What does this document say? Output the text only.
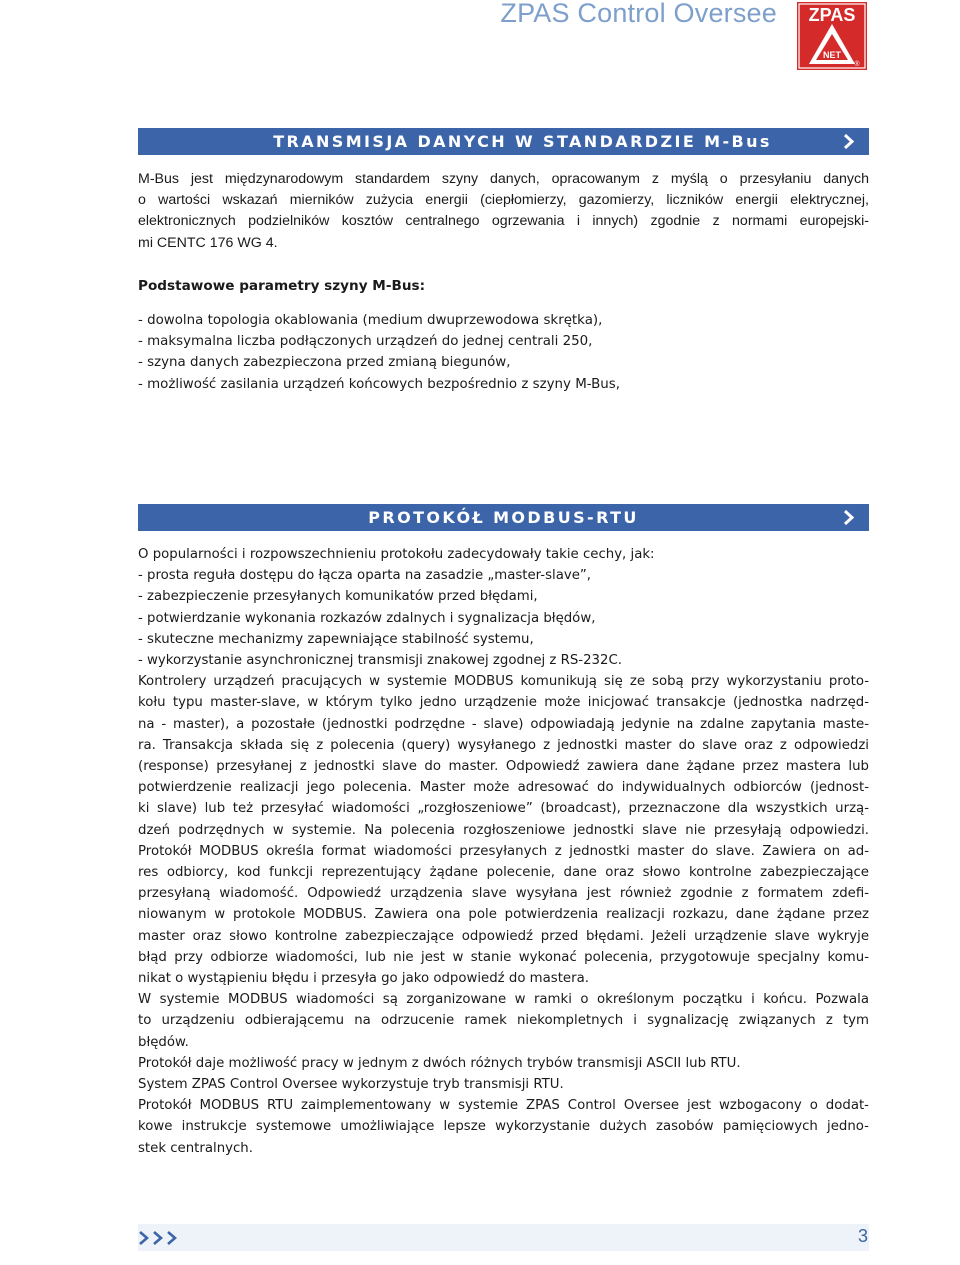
ZPAS Control Oversee ZPAS
NET
®
TRANSMISJA DANYCH W STANDARDZIE M-Bus
M-Bus jest międzynarodowym standardem szyny danych, opracowanym z myślą o przesyłaniu danych
o wartości wskazań mierników zużycia energii (ciepłomierzy, gazomierzy, liczników energii elektrycznej,
elektronicznych podzielników kosztów centralnego ogrzewania i innych) zgodnie z normami europejski-
mi CENTC 176 WG 4.
Podstawowe parametry szyny M-Bus:
- dowolna topologia okablowania (medium dwuprzewodowa skrętka),
- maksymalna liczba podłączonych urządzeń do jednej centrali 250,
- szyna danych zabezpieczona przed zmianą biegunów,
- możliwość zasilania urządzeń końcowych bezpośrednio z szyny M-Bus,
PROTOKÓŁ MODBUS-RTU
O popularności i rozpowszechnieniu protokołu zadecydowały takie cechy, jak:
- prosta reguła dostępu do łącza oparta na zasadzie „master-slave”,
- zabezpieczenie przesyłanych komunikatów przed błędami,
- potwierdzanie wykonania rozkazów zdalnych i sygnalizacja błędów,
- skuteczne mechanizmy zapewniające stabilność systemu,
- wykorzystanie asynchronicznej transmisji znakowej zgodnej z RS-232C.
Kontrolery urządzeń pracujących w systemie MODBUS komunikują się ze sobą przy wykorzystaniu proto-
kołu typu master-slave, w którym tylko jedno urządzenie może inicjować transakcje (jednostka nadrzęd-
na - master), a pozostałe (jednostki podrzędne - slave) odpowiadają jedynie na zdalne zapytania maste-
ra. Transakcja składa się z polecenia (query) wysyłanego z jednostki master do slave oraz z odpowiedzi
(response) przesyłanej z jednostki slave do master. Odpowiedź zawiera dane żądane przez mastera lub
potwierdzenie realizacji jego polecenia. Master może adresować do indywidualnych odbiorców (jednost-
ki slave) lub też przesyłać wiadomości „rozgłoszeniowe” (broadcast), przeznaczone dla wszystkich urzą-
dzeń podrzędnych w systemie. Na polecenia rozgłoszeniowe jednostki slave nie przesyłają odpowiedzi.
Protokół MODBUS określa format wiadomości przesyłanych z jednostki master do slave. Zawiera on ad-
res odbiorcy, kod funkcji reprezentujący żądane polecenie, dane oraz słowo kontrolne zabezpieczające
przesyłaną wiadomość. Odpowiedź urządzenia slave wysyłana jest również zgodnie z formatem zdefi-
niowanym w protokole MODBUS. Zawiera ona pole potwierdzenia realizacji rozkazu, dane żądane przez
master oraz słowo kontrolne zabezpieczające odpowiedź przed błędami. Jeżeli urządzenie slave wykryje
błąd przy odbiorze wiadomości, lub nie jest w stanie wykonać polecenia, przygotowuje specjalny komu-
nikat o wystąpieniu błędu i przesyła go jako odpowiedź do mastera.
W systemie MODBUS wiadomości są zorganizowane w ramki o określonym początku i końcu. Pozwala
to urządzeniu odbierającemu na odrzucenie ramek niekompletnych i sygnalizację związanych z tym
błędów.
Protokół daje możliwość pracy w jednym z dwóch różnych trybów transmisji ASCII lub RTU.
System ZPAS Control Oversee wykorzystuje tryb transmisji RTU.
Protokół MODBUS RTU zaimplementowany w systemie ZPAS Control Oversee jest wzbogacony o dodat-
kowe instrukcje systemowe umożliwiające lepsze wykorzystanie dużych zasobów pamięciowych jedno-
stek centralnych.
3
